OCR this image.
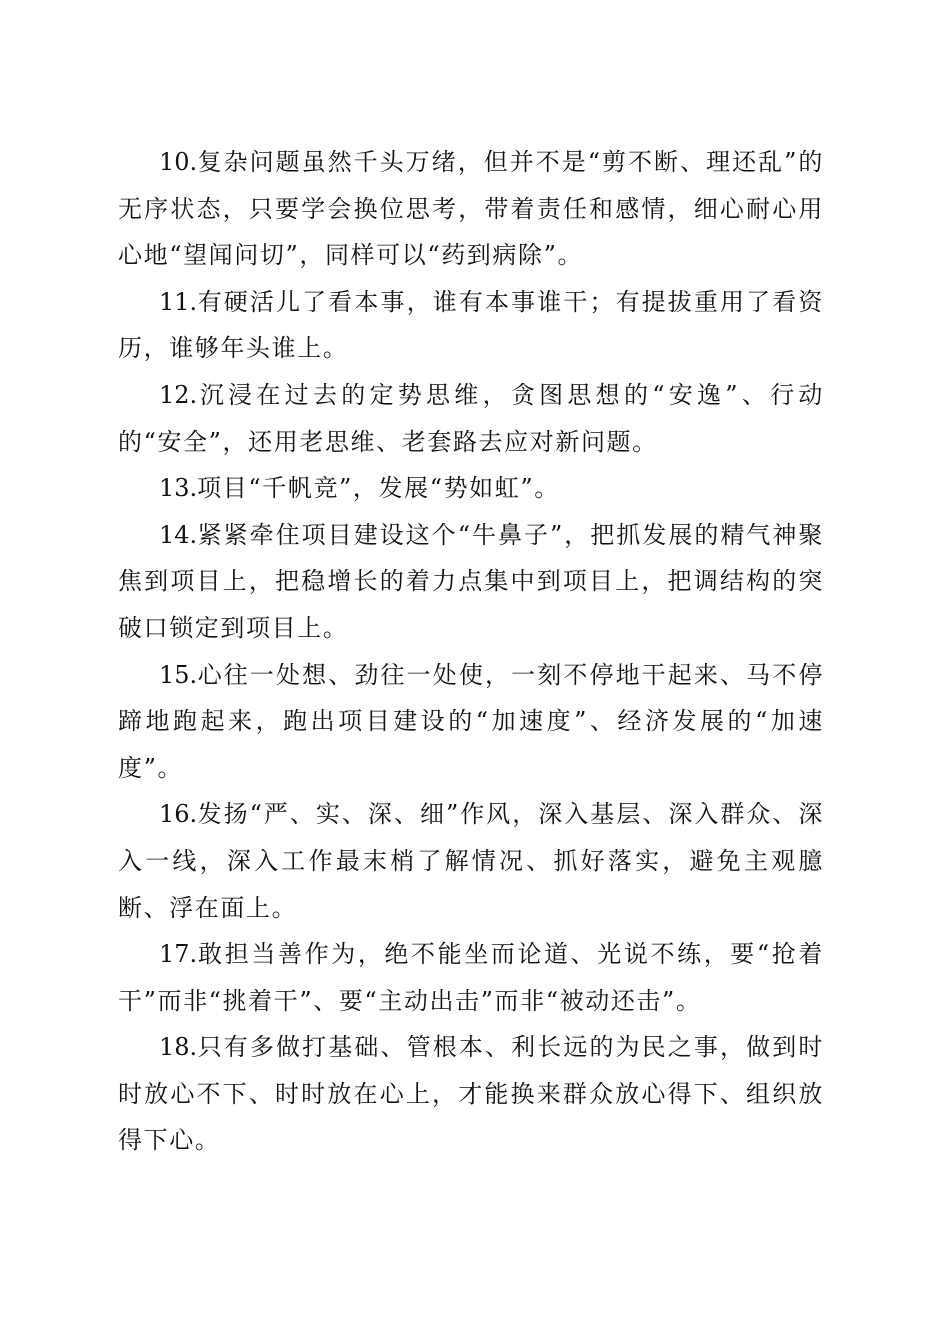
10.复杂问题虽然千头万绪，但并不是“剪不断、理还乱”的无序状态，只要学会换位思考，带着责任和感情，细心耐心用心地“望闻问切”，同样可以“药到病除”。

11.有硬活儿了看本事，谁有本事谁干；有提拔重用了看资历，谁够年头谁上。

12.沉浸在过去的定势思维，贪图思想的“安逸”、行动的“安全”，还用老思维、老套路去应对新问题。

13.项目“千帆竞”，发展“势如虹”。

14.紧紧牵住项目建设这个“牛鼻子”，把抓发展的精气神聚焦到项目上，把稳增长的着力点集中到项目上，把调结构的突破口锁定到项目上。

15.心往一处想、劲往一处使，一刻不停地干起来、马不停蹄地跑起来，跑出项目建设的“加速度”、经济发展的“加速度”。

16.发扬“严、实、深、细”作风，深入基层、深入群众、深入一线，深入工作最末梢了解情况、抓好落实，避免主观臆断、浮在面上。

17.敢担当善作为，绝不能坐而论道、光说不练，要“抢着干”而非“挑着干”、要“主动出击”而非“被动还击”。

18.只有多做打基础、管根本、利长远的为民之事，做到时时放心不下、时时放在心上，才能换来群众放心得下、组织放得下心。
